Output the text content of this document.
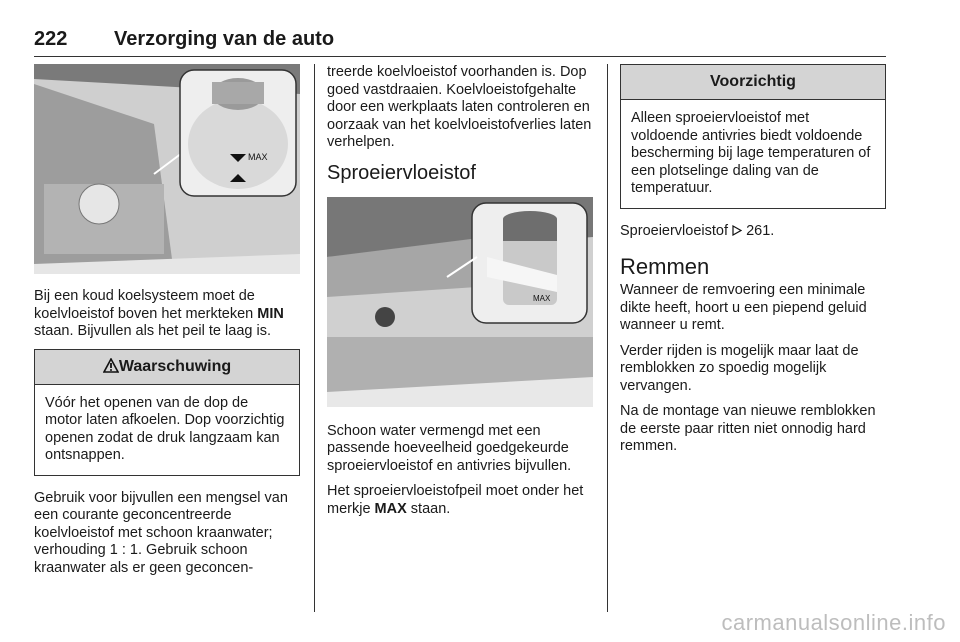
222 Verzorging van de auto
MAX

Bij een koud koelsysteem moet de koelvloeistof boven het merkteken MIN staan. Bijvullen als het peil te laag is.

Waarschuwing
Vóór het openen van de dop de motor laten afkoelen. Dop voorzichtig openen zodat de druk langzaam kan ontsnappen.

Gebruik voor bijvullen een mengsel van een courante geconcentreerde koelvloeistof met schoon kraanwater; verhouding 1 : 1. Gebruik schoon kraanwater als er geen geconcen-

treerde koelvloeistof voorhanden is. Dop goed vastdraaien. Koelvloeistofgehalte door een werkplaats laten controleren en oorzaak van het koelvloeistofverlies laten verhelpen.

Sproeiervloeistof
MAX

Schoon water vermengd met een passende hoeveelheid goedgekeurde sproeiervloeistof en antivries bijvullen.

Het sproeiervloeistofpeil moet onder het merkje MAX staan.

Voorzichtig
Alleen sproeiervloeistof met voldoende antivries biedt voldoende bescherming bij lage temperaturen of een plotselinge daling van de temperatuur.

Sproeiervloeistof  261.

Remmen

Wanneer de remvoering een minimale dikte heeft, hoort u een piepend geluid wanneer u remt.

Verder rijden is mogelijk maar laat de remblokken zo spoedig mogelijk vervangen.

Na de montage van nieuwe remblokken de eerste paar ritten niet onnodig hard remmen.

carmanualsonline.info
